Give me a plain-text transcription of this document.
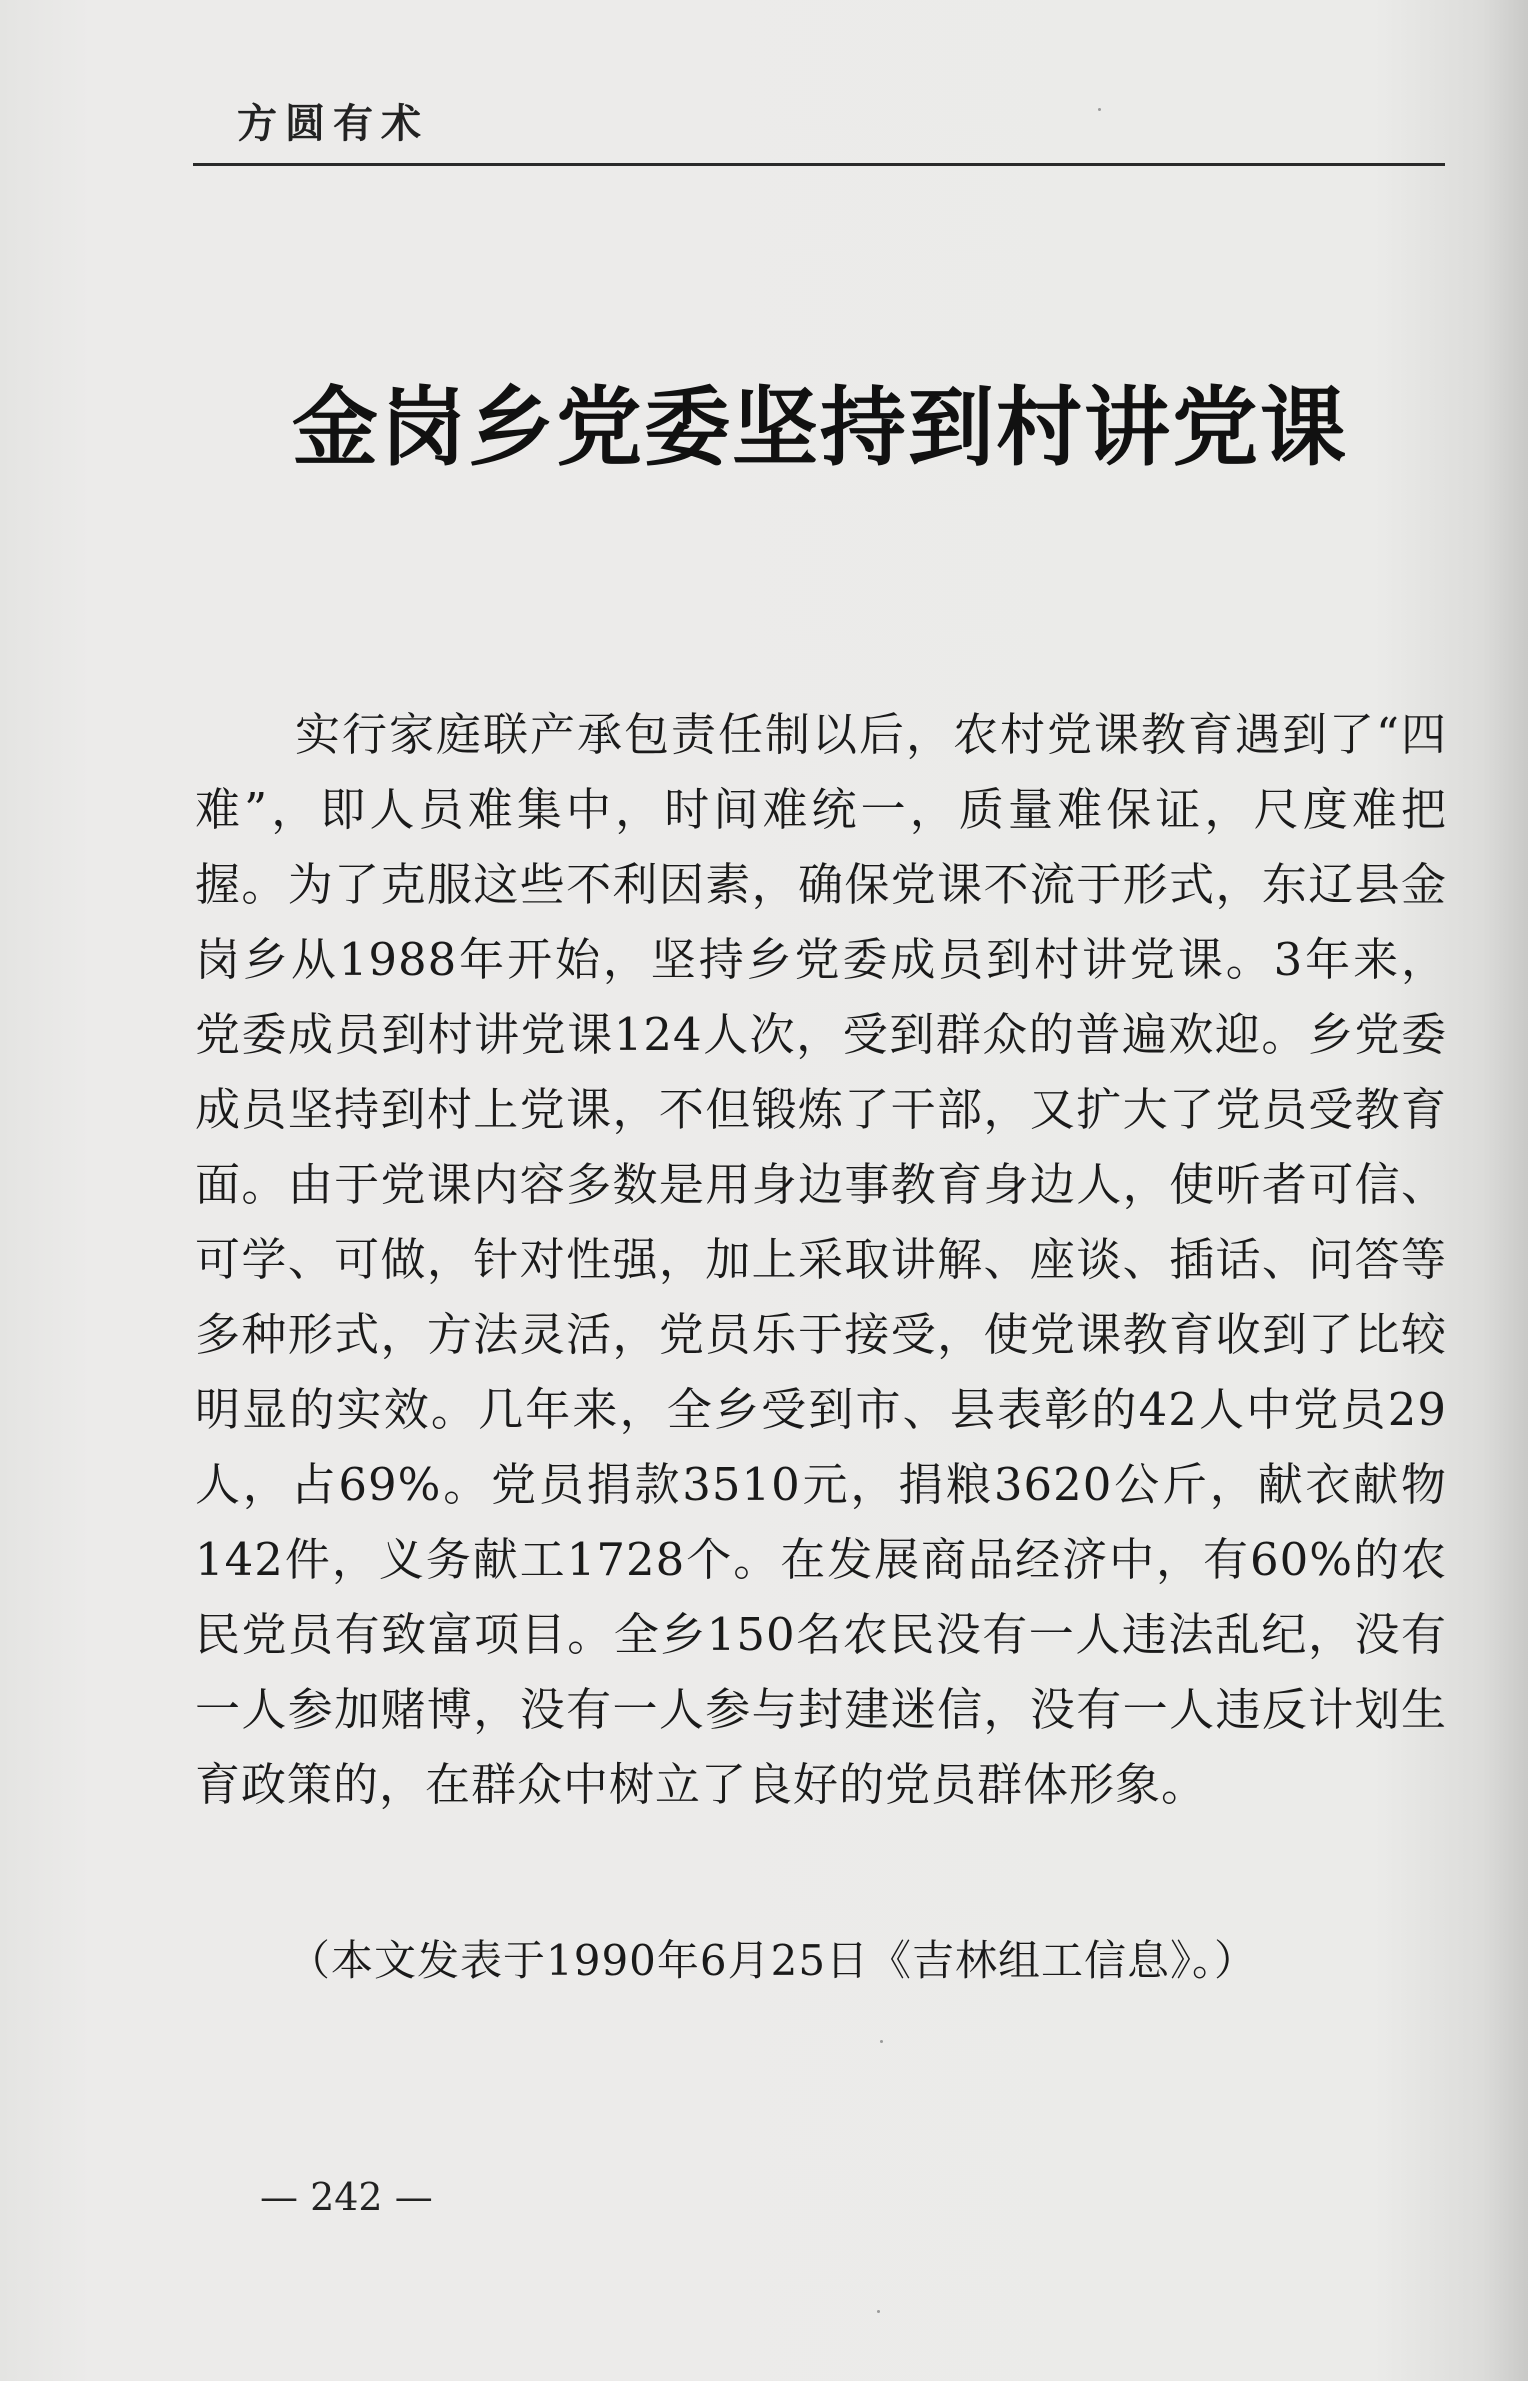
方圆有术
金岗乡党委坚持到村讲党课
实行家庭联产承包责任制以后，农村党课教育遇到了“四难”，即人员难集中，时间难统一，质量难保证，尺度难把握。为了克服这些不利因素，确保党课不流于形式，东辽县金岗乡从1988年开始，坚持乡党委成员到村讲党课。3年来，党委成员到村讲党课124人次，受到群众的普遍欢迎。乡党委成员坚持到村上党课，不但锻炼了干部，又扩大了党员受教育面。由于党课内容多数是用身边事教育身边人，使听者可信、可学、可做，针对性强，加上采取讲解、座谈、插话、问答等多种形式，方法灵活，党员乐于接受，使党课教育收到了比较明显的实效。几年来，全乡受到市、县表彰的42人中党员29人，占69%。党员捐款3510元，捐粮3620公斤，献衣献物142件，义务献工1728个。在发展商品经济中，有60%的农民党员有致富项目。全乡150名农民没有一人违法乱纪，没有一人参加赌博，没有一人参与封建迷信，没有一人违反计划生育政策的，在群众中树立了良好的党员群体形象。
（本文发表于1990年6月25日《吉林组工信息》。）
— 242 —
